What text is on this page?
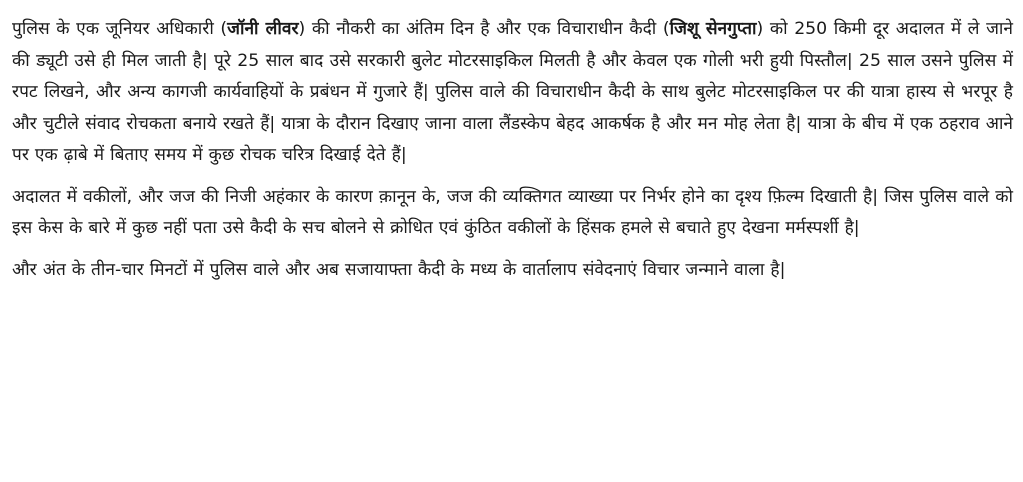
पुलिस के एक जूनियर अधिकारी (जॉनी लीवर) की नौकरी का अंतिम दिन है और एक विचाराधीन कैदी (जिशू सेनगुप्ता) को 250 किमी दूर अदालत में ले जाने की ड्यूटी उसे ही मिल जाती है| पूरे 25 साल बाद उसे सरकारी बुलेट मोटरसाइकिल मिलती है और केवल एक गोली भरी हुयी पिस्तौल| 25 साल उसने पुलिस में रपट लिखने, और अन्य कागजी कार्यवाहियों के प्रबंधन में गुजारे हैं| पुलिस वाले की विचाराधीन कैदी के साथ बुलेट मोटरसाइकिल पर की यात्रा हास्य से भरपूर है और चुटीले संवाद रोचकता बनाये रखते हैं| यात्रा के दौरान दिखाए जाना वाला लैंडस्केप बेहद आकर्षक है और मन मोह लेता है| यात्रा के बीच में एक ठहराव आने पर एक ढ़ाबे में बिताए समय में कुछ रोचक चरित्र दिखाई देते हैं|

अदालत में वकीलों, और जज की निजी अहंकार के कारण क़ानून के, जज की व्यक्तिगत व्याख्या पर निर्भर होने का दृश्य फ़िल्म दिखाती है| जिस पुलिस वाले को इस केस के बारे में कुछ नहीं पता उसे कैदी के सच बोलने से क्रोधित एवं कुंठित वकीलों के हिंसक हमले से बचाते हुए देखना मर्मस्पर्शी है|

और अंत के तीन-चार मिनटों में पुलिस वाले और अब सजायाफ्ता कैदी के मध्य के वार्तालाप संवेदनाएं विचार जन्माने वाला है|
